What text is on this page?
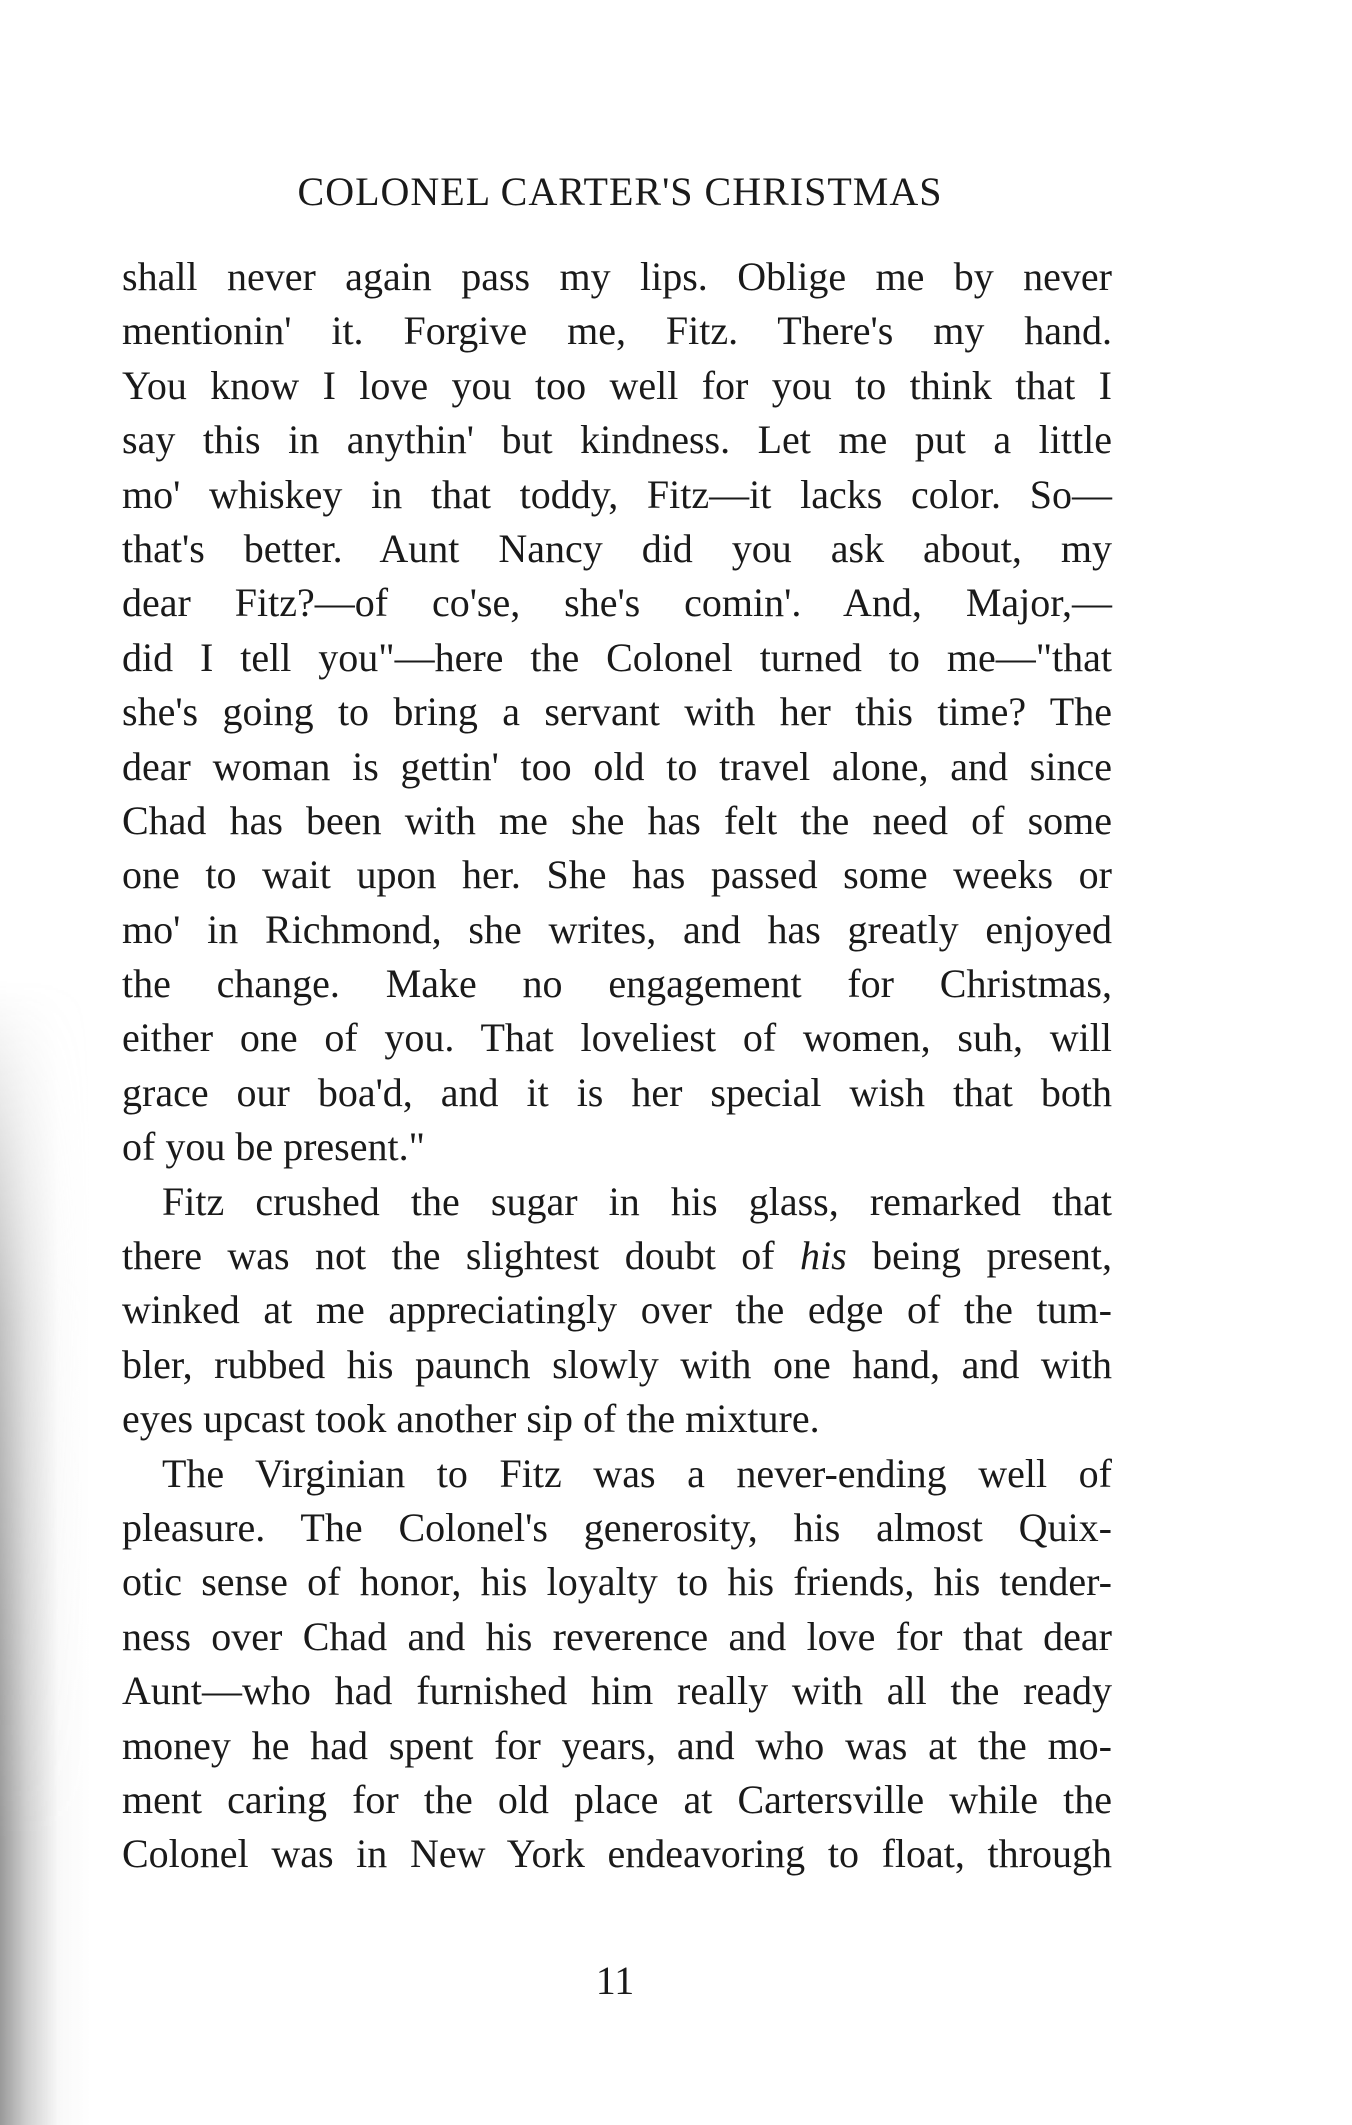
COLONEL CARTER'S CHRISTMAS
shall never again pass my lips. Oblige me by never
mentionin' it. Forgive me, Fitz. There's my hand.
You know I love you too well for you to think that I
say this in anythin' but kindness. Let me put a little
mo' whiskey in that toddy, Fitz—it lacks color. So—
that's better. Aunt Nancy did you ask about, my
dear Fitz?—of co'se, she's comin'. And, Major,—
did I tell you"—here the Colonel turned to me—"that
she's going to bring a servant with her this time? The
dear woman is gettin' too old to travel alone, and since
Chad has been with me she has felt the need of some
one to wait upon her. She has passed some weeks or
mo' in Richmond, she writes, and has greatly enjoyed
the change. Make no engagement for Christmas,
either one of you. That loveliest of women, suh, will
grace our boa'd, and it is her special wish that both
of you be present."
Fitz crushed the sugar in his glass, remarked that
there was not the slightest doubt of his being present,
winked at me appreciatingly over the edge of the tum-
bler, rubbed his paunch slowly with one hand, and with
eyes upcast took another sip of the mixture.
The Virginian to Fitz was a never-ending well of
pleasure. The Colonel's generosity, his almost Quix-
otic sense of honor, his loyalty to his friends, his tender-
ness over Chad and his reverence and love for that dear
Aunt—who had furnished him really with all the ready
money he had spent for years, and who was at the mo-
ment caring for the old place at Cartersville while the
Colonel was in New York endeavoring to float, through
11
